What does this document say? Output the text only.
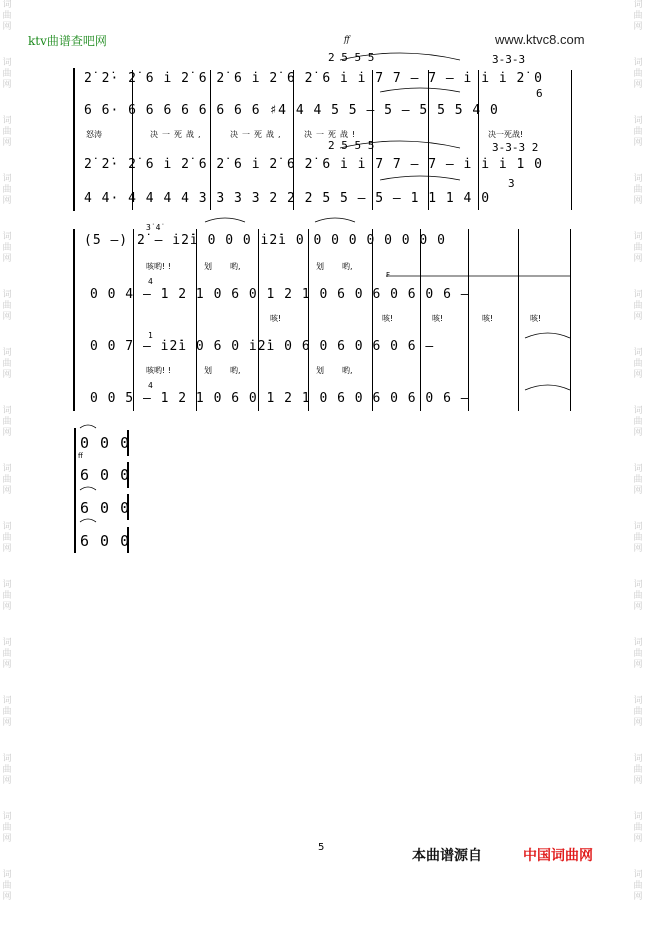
词
曲
网
词
曲
网
词
曲
网
词
曲
网
词
曲
网
词
曲
网
词
曲
网
词
曲
网
词
曲
网
词
曲
网
词
曲
网
词
曲
网
词
曲
网
词
曲
网
词
曲
网
词
曲
网
词
曲
网
词
曲
网
词
曲
网
词
曲
网
词
曲
网
词
曲
网
词
曲
网
词
曲
网
词
曲
网
词
曲
网
词
曲
网
词
曲
网
词
曲
网
词
曲
网
词
曲
网
词
曲
网
ktv曲谱查吧网	www.ktvc8.com
ff
2 5 5 5	3-3-3
2̇ 2̇· 2̇ 6 i̇ 2̇ 6 2̇ 6 i̇ 2̇ 6 2̇ 6 i̇ i̇ 7 7 — 7 — i̇ i̇ i̇ 2̇ 0
6
6 6· 6 6 6 6 6 6 6 6 ♯4 4 4 5 5 — 5 — 5 5 5 4 0
怒涛	决一死战,	决一死战, 决一死战!	决一死战!
2 5 5 5	3-3-3 2
2̇ 2̇· 2̇ 6 i̇ 2̇ 6 2̇ 6 i̇ 2̇ 6 2̇ 6 i̇ i̇ 7 7 — 7 — i̇ i̇ i̇ 1 0
3
4 4· 4 4 4 4 3 3 3 3 2 2 2 5 5 — 5 — 1 1 1 4 0
3̇ 4̇
(5 —) 2̇ — i̇2̇i̇ 0 0 0 i̇2̇i̇ 0 0 0 0 0 0 0 0 0
咳哟! !	划 哟,	划 哟,
F
4
0 0 4 — 1 2 1 0 6 0 1 2 1 0 6 0 6 0 6 0 6 —
咳!	咳!	咳!	咳!	咳!
1
0 0 7 — i̇2̇i̇ 0 6 0 i̇2̇i̇ 0 6 0 6 0 6 0 6 —
咳哟! !	划 哟,	划 哟,
4
0 0 5 — 1 2 1 0 6 0 1 2 1 0 6 0 6 0 6 0 6 —
0 0 0
ff
6 0 0
6 0 0
6 0 0
5
本曲谱源自	中国词曲网
